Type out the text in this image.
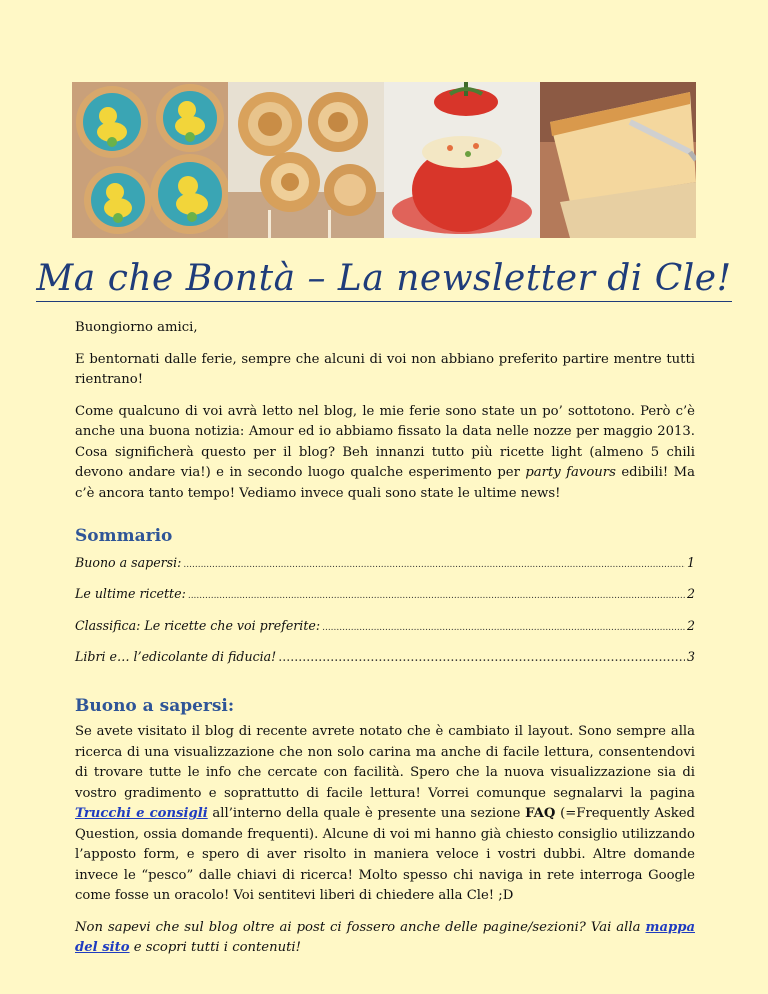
Ma che Bontà – La newsletter di Cle!

Buongiorno amici,

E bentornati dalle ferie, sempre che alcuni di voi non abbiano preferito partire mentre tutti rientrano!

Come qualcuno di voi avrà letto nel blog, le mie ferie sono state un po’ sottotono. Però c’è anche una buona notizia: Amour ed io abbiamo fissato la data nelle nozze per maggio 2013. Cosa significherà questo per il blog? Beh innanzi tutto più ricette light (almeno 5 chili devono andare via!) e in secondo luogo qualche esperimento per party favours edibili! Ma c’è ancora tanto tempo! Vediamo invece quali sono state le ultime news!

Sommario
Buono a sapersi: .....	1
Le ultime ricette: .....	2
Classifica: Le ricette che voi preferite: .....	2
Libri e… l’edicolante di fiducia! .....	3
Buono a sapersi:

Se avete visitato il blog di recente avrete notato che è cambiato il layout. Sono sempre alla ricerca di una visualizzazione che non solo carina ma anche di facile lettura, consentendovi di trovare tutte le info che cercate con facilità. Spero che la nuova visualizzazione sia di vostro gradimento e soprattutto di facile lettura! Vorrei comunque segnalarvi la pagina Trucchi e consigli all’interno della quale è presente una sezione FAQ (=Frequently Asked Question, ossia domande frequenti). Alcune di voi mi hanno già chiesto consiglio utilizzando l’apposto form, e spero di aver risolto in maniera veloce i vostri dubbi. Altre domande invece le “pesco” dalle chiavi di ricerca! Molto spesso chi naviga in rete interroga Google come fosse un oracolo! Voi sentitevi liberi di chiedere alla Cle! ;D

Non sapevi che sul blog oltre ai post ci fossero anche delle pagine/sezioni? Vai alla mappa del sito e scopri tutti i contenuti!
